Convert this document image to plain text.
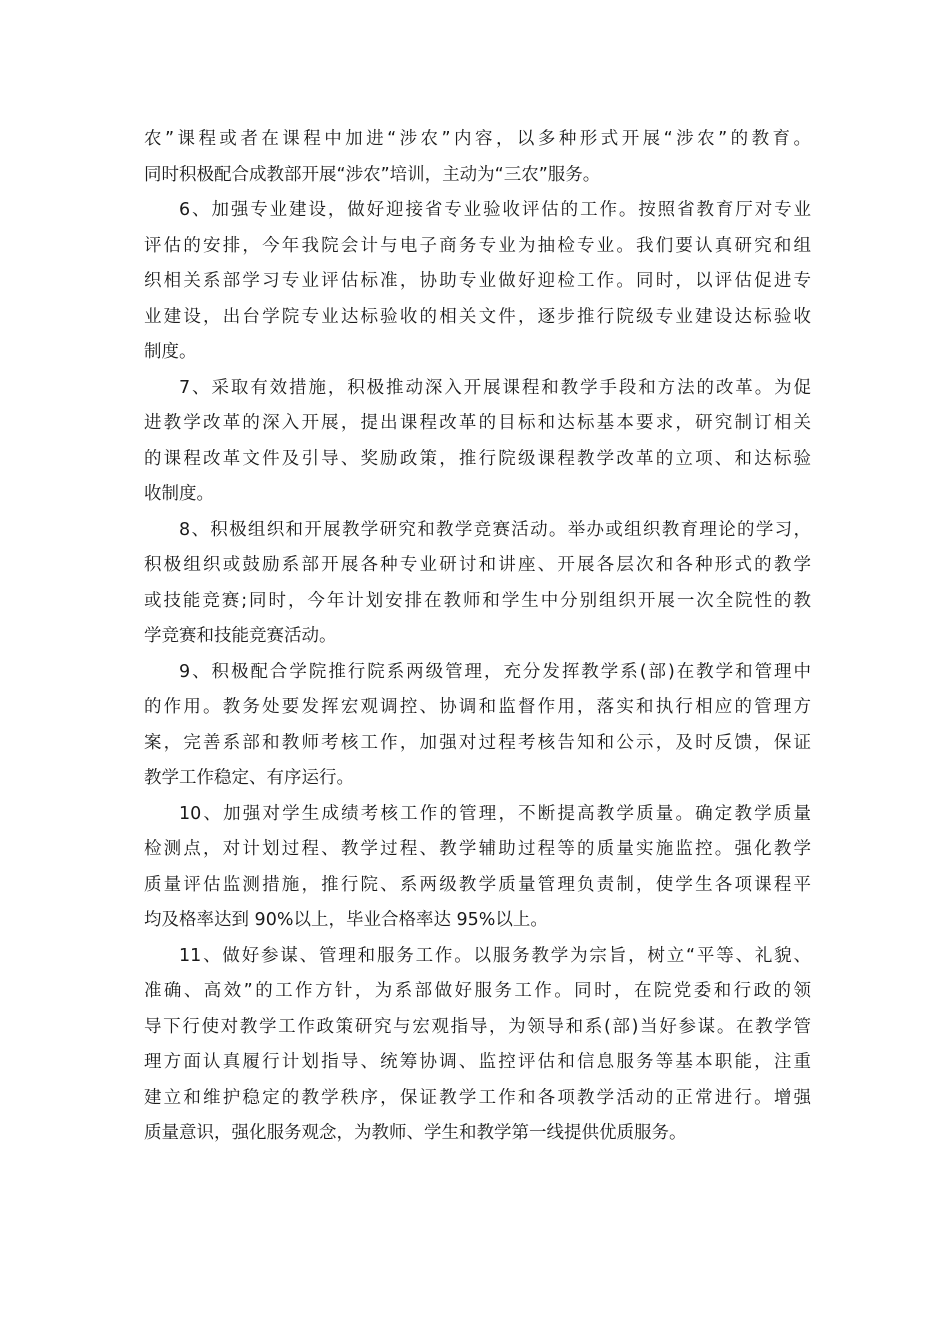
农”课程或者在课程中加进“涉农”内容，以多种形式开展“涉农”的教育。
同时积极配合成教部开展“涉农”培训，主动为“三农”服务。
6、加强专业建设，做好迎接省专业验收评估的工作。按照省教育厅对专业
评估的安排，今年我院会计与电子商务专业为抽检专业。我们要认真研究和组
织相关系部学习专业评估标准，协助专业做好迎检工作。同时，以评估促进专
业建设，出台学院专业达标验收的相关文件，逐步推行院级专业建设达标验收
制度。
7、采取有效措施，积极推动深入开展课程和教学手段和方法的改革。为促
进教学改革的深入开展，提出课程改革的目标和达标基本要求，研究制订相关
的课程改革文件及引导、奖励政策，推行院级课程教学改革的立项、和达标验
收制度。
8、积极组织和开展教学研究和教学竞赛活动。举办或组织教育理论的学习，
积极组织或鼓励系部开展各种专业研讨和讲座、开展各层次和各种形式的教学
或技能竞赛;同时，今年计划安排在教师和学生中分别组织开展一次全院性的教
学竞赛和技能竞赛活动。
9、积极配合学院推行院系两级管理，充分发挥教学系(部)在教学和管理中
的作用。教务处要发挥宏观调控、协调和监督作用，落实和执行相应的管理方
案，完善系部和教师考核工作，加强对过程考核告知和公示，及时反馈，保证
教学工作稳定、有序运行。
10、加强对学生成绩考核工作的管理，不断提高教学质量。确定教学质量
检测点，对计划过程、教学过程、教学辅助过程等的质量实施监控。强化教学
质量评估监测措施，推行院、系两级教学质量管理负责制，使学生各项课程平
均及格率达到 90%以上，毕业合格率达 95%以上。
11、做好参谋、管理和服务工作。以服务教学为宗旨，树立“平等、礼貌、
准确、高效”的工作方针，为系部做好服务工作。同时，在院党委和行政的领
导下行使对教学工作政策研究与宏观指导，为领导和系(部)当好参谋。在教学管
理方面认真履行计划指导、统筹协调、监控评估和信息服务等基本职能，注重
建立和维护稳定的教学秩序，保证教学工作和各项教学活动的正常进行。增强
质量意识，强化服务观念，为教师、学生和教学第一线提供优质服务。
